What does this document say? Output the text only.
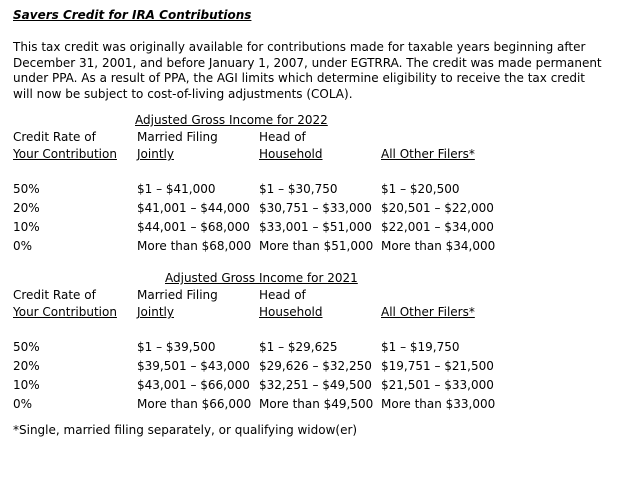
Savers Credit for IRA Contributions
This tax credit was originally available for contributions made for taxable years beginning after December 31, 2001, and before January 1, 2007, under EGTRRA. The credit was made permanent under PPA. As a result of PPA, the AGI limits which determine eligibility to receive the tax credit will now be subject to cost-of-living adjustments (COLA).
Adjusted Gross Income for 2022
Credit Rate of	Married Filing	Head of	
Your Contribution	Jointly	Household	All Other Filers*

50%	$1 – $41,000	$1 – $30,750	$1 – $20,500
20%	$41,001 – $44,000	$30,751 – $33,000	$20,501 – $22,000
10%	$44,001 – $68,000	$33,001 – $51,000	$22,001 – $34,000
0%	More than $68,000	More than $51,000	More than $34,000
Adjusted Gross Income for 2021
Credit Rate of	Married Filing	Head of	
Your Contribution	Jointly	Household	All Other Filers*

50%	$1 – $39,500	$1 – $29,625	$1 – $19,750
20%	$39,501 – $43,000	$29,626 – $32,250	$19,751 – $21,500
10%	$43,001 – $66,000	$32,251 – $49,500	$21,501 – $33,000
0%	More than $66,000	More than $49,500	More than $33,000
*Single, married filing separately, or qualifying widow(er)
